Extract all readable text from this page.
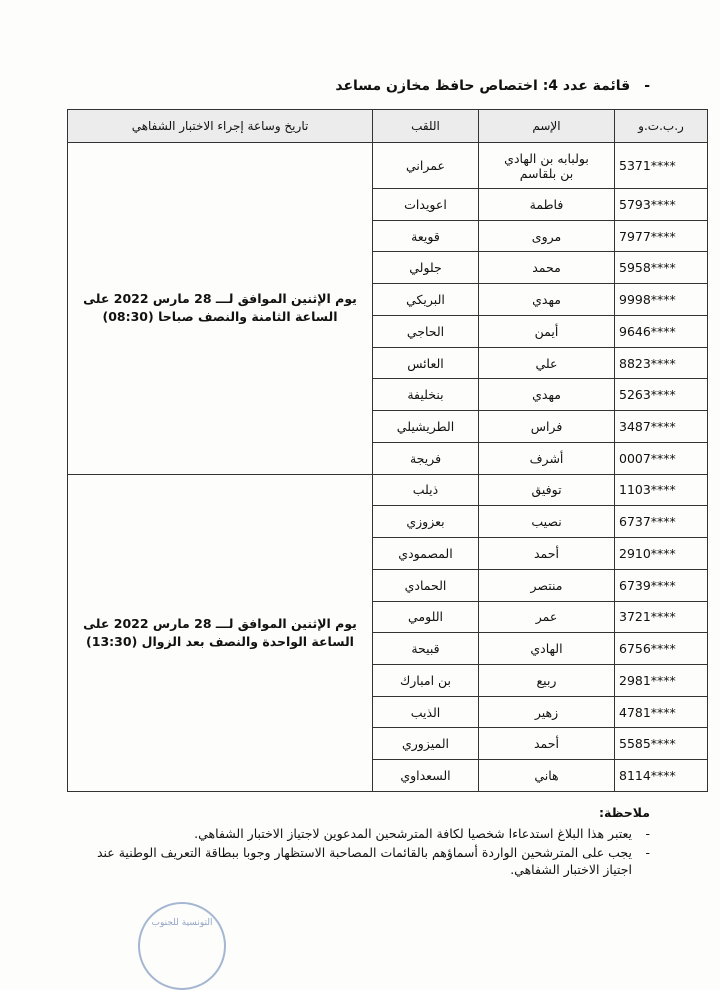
-قائمة عدد 4: اختصاص حافظ مخازن مساعد
ر.ب.ت.و	الإسم	اللقب	تاريخ وساعة إجراء الاختبار الشفاهي
5371****	بولبابه بن الهادي
بن بلقاسم	عمراني	يوم الإثنين الموافق لـــ 28 مارس 2022 على
الساعة الثامنة والنصف صباحا (08:30)

5793****	فاطمة	اعويدات	
7977****	مروى	قويعة	
5958****	محمد	جلولي	
9998****	مهدي	البريكي	
9646****	أيمن	الحاجي	
8823****	علي	العائس	
5263****	مهدي	بنخليفة	
3487****	فراس	الطريشيلي	
0007****	أشرف	فريجة	
1103****	توفيق	ذيلب	يوم الإثنين الموافق لـــ 28 مارس 2022 على
الساعة الواحدة والنصف بعد الزوال (13:30)

6737****	نصيب	بعزوزي	
2910****	أحمد	المصمودي	
6739****	منتصر	الحمادي	
3721****	عمر	اللومي	
6756****	الهادي	قبيحة	
2981****	ربيع	بن امبارك	
4781****	زهير	الذيب	
5585****	أحمد	الميزوري	
8114****	هاني	السعداوي	
ملاحظة:
-
يعتبر هذا البلاغ استدعاءا شخصيا لكافة المترشحين المدعوين لاجتياز الاختبار الشفاهي.
-
يجب على المترشحين الواردة أسماؤهم بالقائمات المصاحبة الاستظهار وجوبا ببطاقة التعريف الوطنية عند اجتياز الاختبار الشفاهي.
التونسية للجنوب
